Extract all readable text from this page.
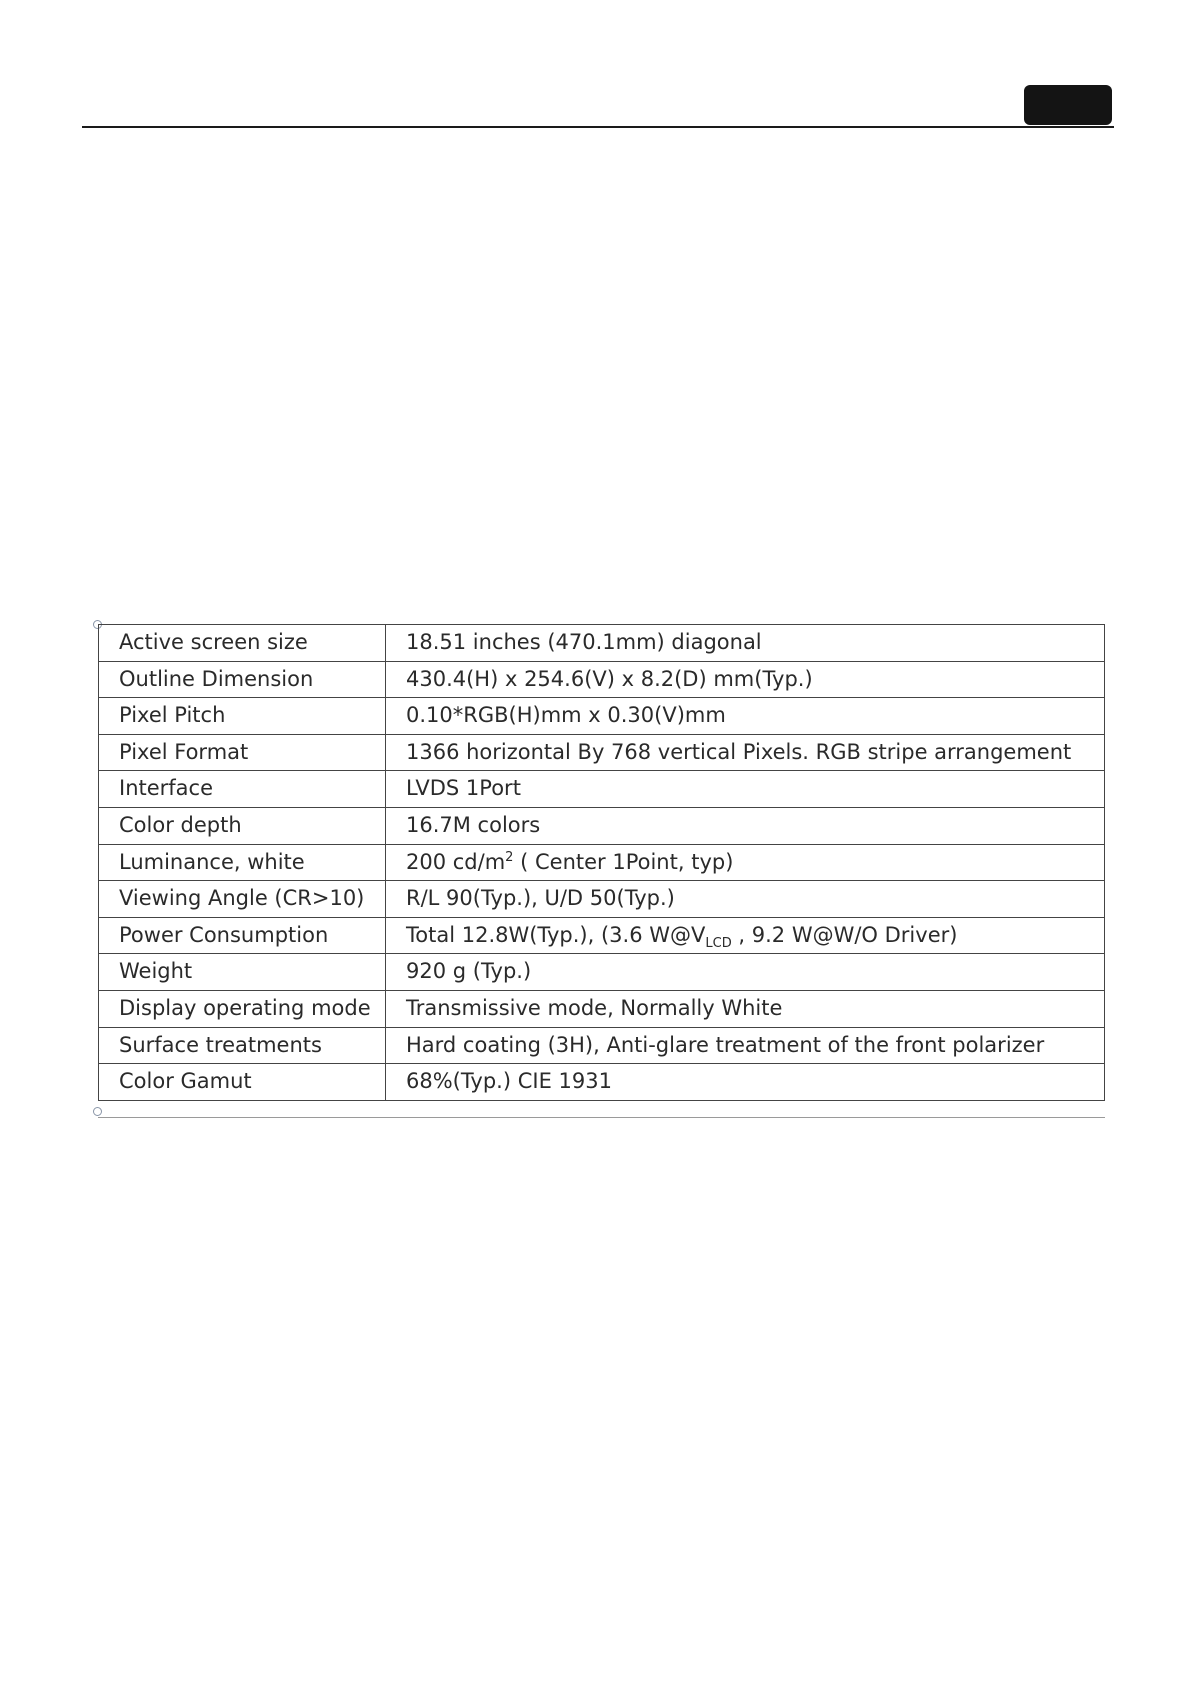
Active screen size	18.51 inches (470.1mm) diagonal
Outline Dimension	430.4(H) x 254.6(V) x 8.2(D) mm(Typ.)
Pixel Pitch	0.10*RGB(H)mm x 0.30(V)mm
Pixel Format	1366 horizontal By 768 vertical Pixels. RGB stripe arrangement
Interface	LVDS 1Port
Color depth	16.7M colors
Luminance, white	200 $cd/m^2$ ( Center 1Point, typ)
Viewing Angle (CR>10)	R/L 90(Typ.), U/D 50(Typ.)
Power Consumption	Total 12.8W(Typ.), (3.6 $W@V_{LCD}$ , 9.2 W@W/O Driver)
Weight	920 g (Typ.)
Display operating mode	Transmissive mode, Normally White
Surface treatments	Hard coating (3H), Anti-glare treatment of the front polarizer
Color Gamut	68%(Typ.) CIE 1931
